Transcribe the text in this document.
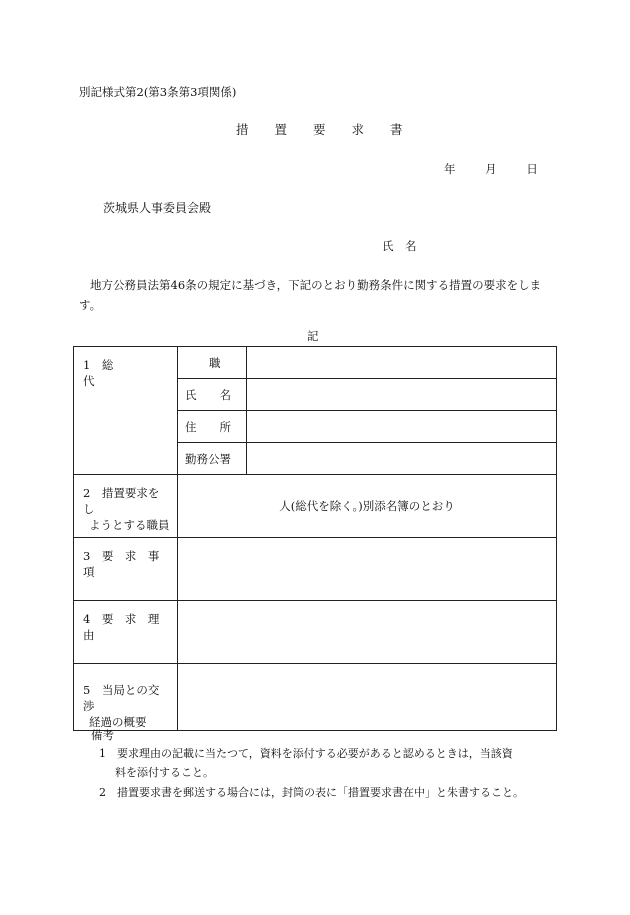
別記様式第2(第3条第3項関係)
措 置 要 求 書
年	月	日
茨城県人事委員会殿
氏　名
地方公務員法第46条の規定に基づき，下記のとおり勤務条件に関する措置の要求をします。
記
1　総　　　　代	職	
	氏　　名	
	住　　所	
	勤務公署	

2　措置要求をし
ようとする職員	人(総代を除く。)別添名簿のとおり	

3　要　求　事　項		

4　要　求　理　由		

5　当局との交渉
経過の概要		

備考
1　要求理由の記載に当たつて，資料を添付する必要があると認めるときは，当該資
料を添付すること。
2　措置要求書を郵送する場合には，封筒の表に「措置要求書在中」と朱書すること。
